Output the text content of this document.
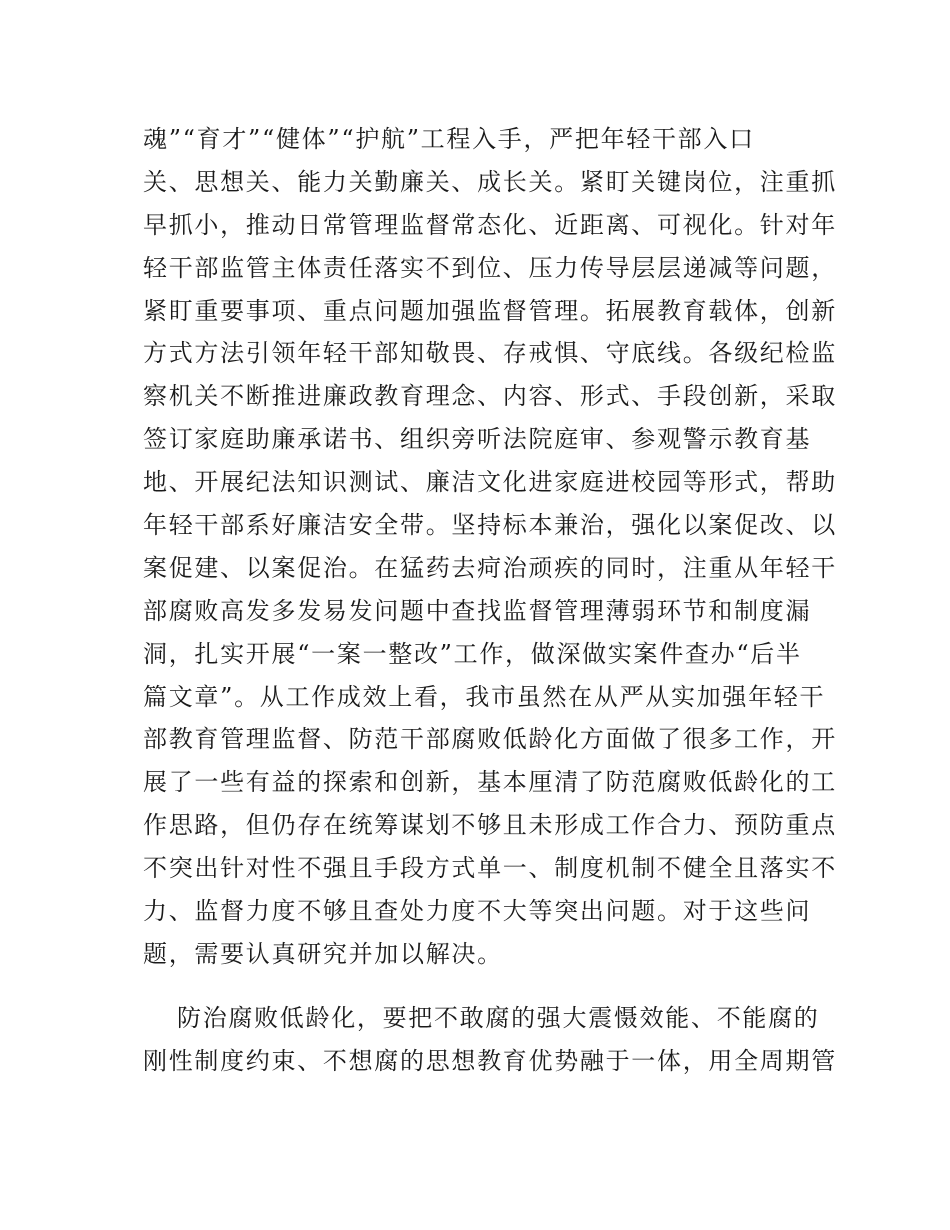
魂”“育才”“健体”“护航”工程入手，严把年轻干部入口
关、思想关、能力关勤廉关、成长关。紧盯关键岗位，注重抓
早抓小，推动日常管理监督常态化、近距离、可视化。针对年
轻干部监管主体责任落实不到位、压力传导层层递减等问题，
紧盯重要事项、重点问题加强监督管理。拓展教育载体，创新
方式方法引领年轻干部知敬畏、存戒惧、守底线。各级纪检监
察机关不断推进廉政教育理念、内容、形式、手段创新，采取
签订家庭助廉承诺书、组织旁听法院庭审、参观警示教育基
地、开展纪法知识测试、廉洁文化进家庭进校园等形式，帮助
年轻干部系好廉洁安全带。坚持标本兼治，强化以案促改、以
案促建、以案促治。在猛药去疴治顽疾的同时，注重从年轻干
部腐败高发多发易发问题中查找监督管理薄弱环节和制度漏
洞，扎实开展“一案一整改”工作，做深做实案件查办“后半
篇文章”。从工作成效上看，我市虽然在从严从实加强年轻干
部教育管理监督、防范干部腐败低龄化方面做了很多工作，开
展了一些有益的探索和创新，基本厘清了防范腐败低龄化的工
作思路，但仍存在统筹谋划不够且未形成工作合力、预防重点
不突出针对性不强且手段方式单一、制度机制不健全且落实不
力、监督力度不够且查处力度不大等突出问题。对于这些问
题，需要认真研究并加以解决。
防治腐败低龄化，要把不敢腐的强大震慑效能、不能腐的
刚性制度约束、不想腐的思想教育优势融于一体，用全周期管
